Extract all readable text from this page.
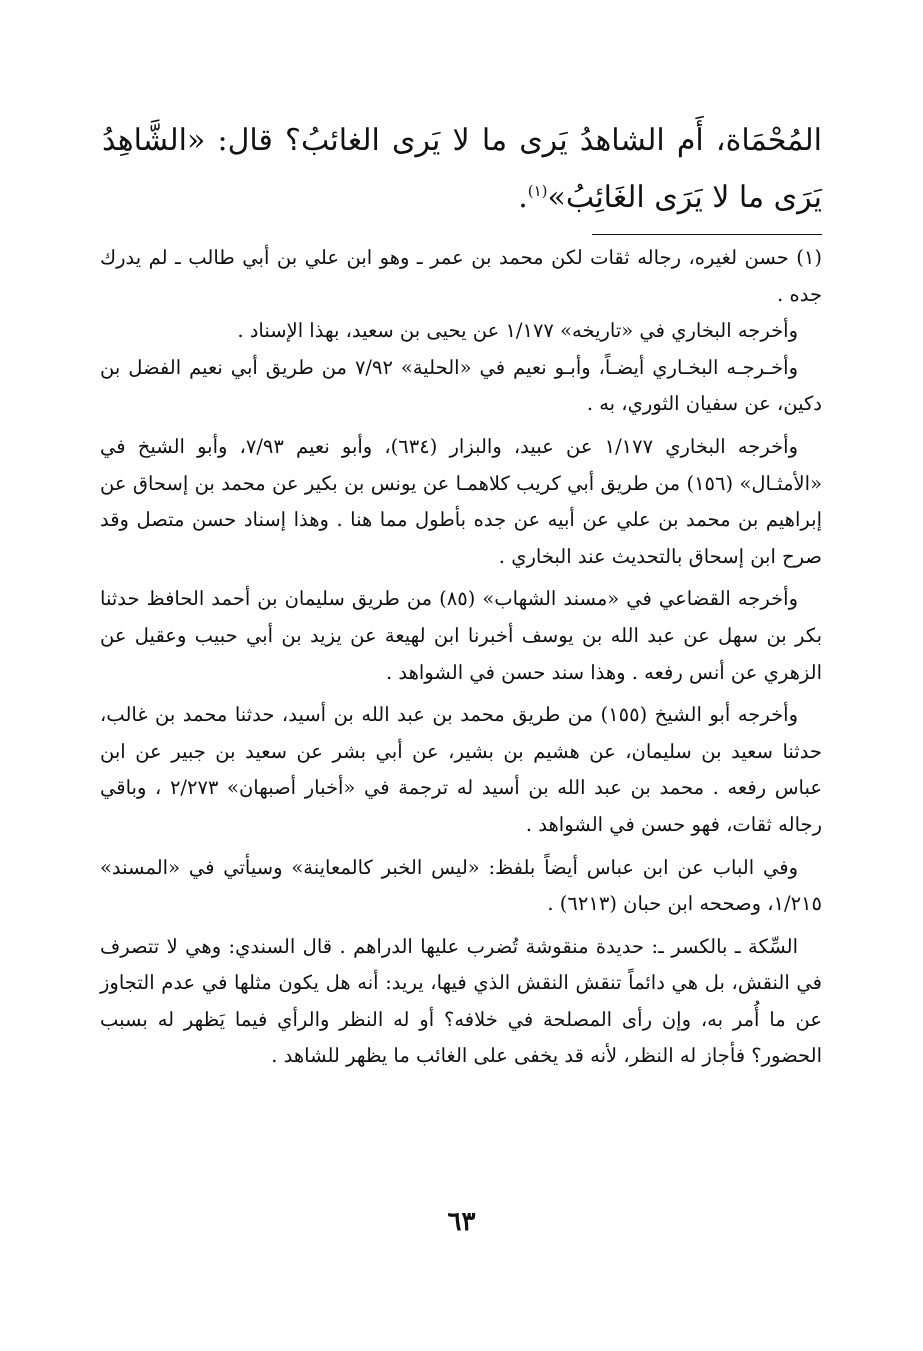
المُحْمَاة، أَم الشاهدُ يَرى ما لا يَرى الغائبُ؟ قال: «الشَّاهِدُ يَرَى ما لا يَرَى الغَائِبُ»$^{(١)}$.

(١) حسن لغيره، رجاله ثقات لكن محمد بن عمر ـ وهو ابن علي بن أبي طالب ـ لم يدرك جده .

وأخرجه البخاري في «تاريخه» ١/١٧٧ عن يحيى بن سعيد، بهذا الإسناد .

وأخـرجـه البخـاري أيضـاً، وأبـو نعيم في «الحلية» ٧/٩٢ من طريق أبي نعيم الفضل بن دكين، عن سفيان الثوري، به .

وأخرجه البخاري ١/١٧٧ عن عبيد، والبزار (٦٣٤)، وأبو نعيم ٧/٩٣، وأبو الشيخ في «الأمثـال» (١٥٦) من طريق أبي كريب كلاهمـا عن يونس بن بكير عن محمد بن إسحاق عن إبراهيم بن محمد بن علي عن أبيه عن جده بأطول مما هنا . وهذا إسناد حسن متصل وقد صرح ابن إسحاق بالتحديث عند البخاري .

وأخرجه القضاعي في «مسند الشهاب» (٨٥) من طريق سليمان بن أحمد الحافظ حدثنا بكر بن سهل عن عبد الله بن يوسف أخبرنا ابن لهيعة عن يزيد بن أبي حبيب وعقيل عن الزهري عن أنس رفعه . وهذا سند حسن في الشواهد .

وأخرجه أبو الشيخ (١٥٥) من طريق محمد بن عبد الله بن أسيد، حدثنا محمد بن غالب، حدثنا سعيد بن سليمان، عن هشيم بن بشير، عن أبي بشر عن سعيد بن جبير عن ابن عباس رفعه . محمد بن عبد الله بن أسيد له ترجمة في «أخبار أصبهان» ٢/٢٧٣ ، وباقي رجاله ثقات، فهو حسن في الشواهد .

وفي الباب عن ابن عباس أيضاً بلفظ: «ليس الخبر كالمعاينة» وسيأتي في «المسند» ١/٢١٥، وصححه ابن حبان (٦٢١٣) .

السِّكة ـ بالكسر ـ: حديدة منقوشة تُضرب عليها الدراهم . قال السندي: وهي لا تتصرف في النقش، بل هي دائماً تنقش النقش الذي فيها، يريد: أنه هل يكون مثلها في عدم التجاوز عن ما أُمر به، وإن رأى المصلحة في خلافه؟ أو له النظر والرأي فيما يَظهر له بسبب الحضور؟ فأجاز له النظر، لأنه قد يخفى على الغائب ما يظهر للشاهد .

٦٣
